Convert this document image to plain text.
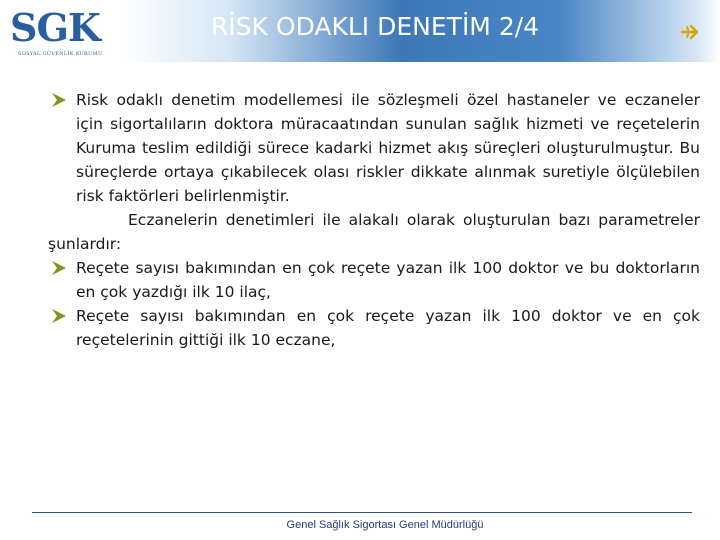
SGK
SOSYAL GÜVENLİK KURUMU
RİSK ODAKLI DENETİM 2/4
Risk odaklı denetim modellemesi ile sözleşmeli özel hastaneler ve eczaneler için sigortalıların doktora müracaatından sunulan sağlık hizmeti ve reçetelerin Kuruma teslim edildiği sürece kadarki hizmet akış süreçleri oluşturulmuştur. Bu süreçlerde ortaya çıkabilecek olası riskler dikkate alınmak suretiyle ölçülebilen risk faktörleri belirlenmiştir.

Eczanelerin denetimleri ile alakalı olarak oluşturulan bazı parametreler şunlardır:

Reçete sayısı bakımından en çok reçete yazan ilk 100 doktor ve bu doktorların en çok yazdığı ilk 10 ilaç,
Reçete sayısı bakımından en çok reçete yazan ilk 100 doktor ve en çok reçetelerinin gittiği ilk 10 eczane,
Genel Sağlık Sigortası Genel Müdürlüğü
